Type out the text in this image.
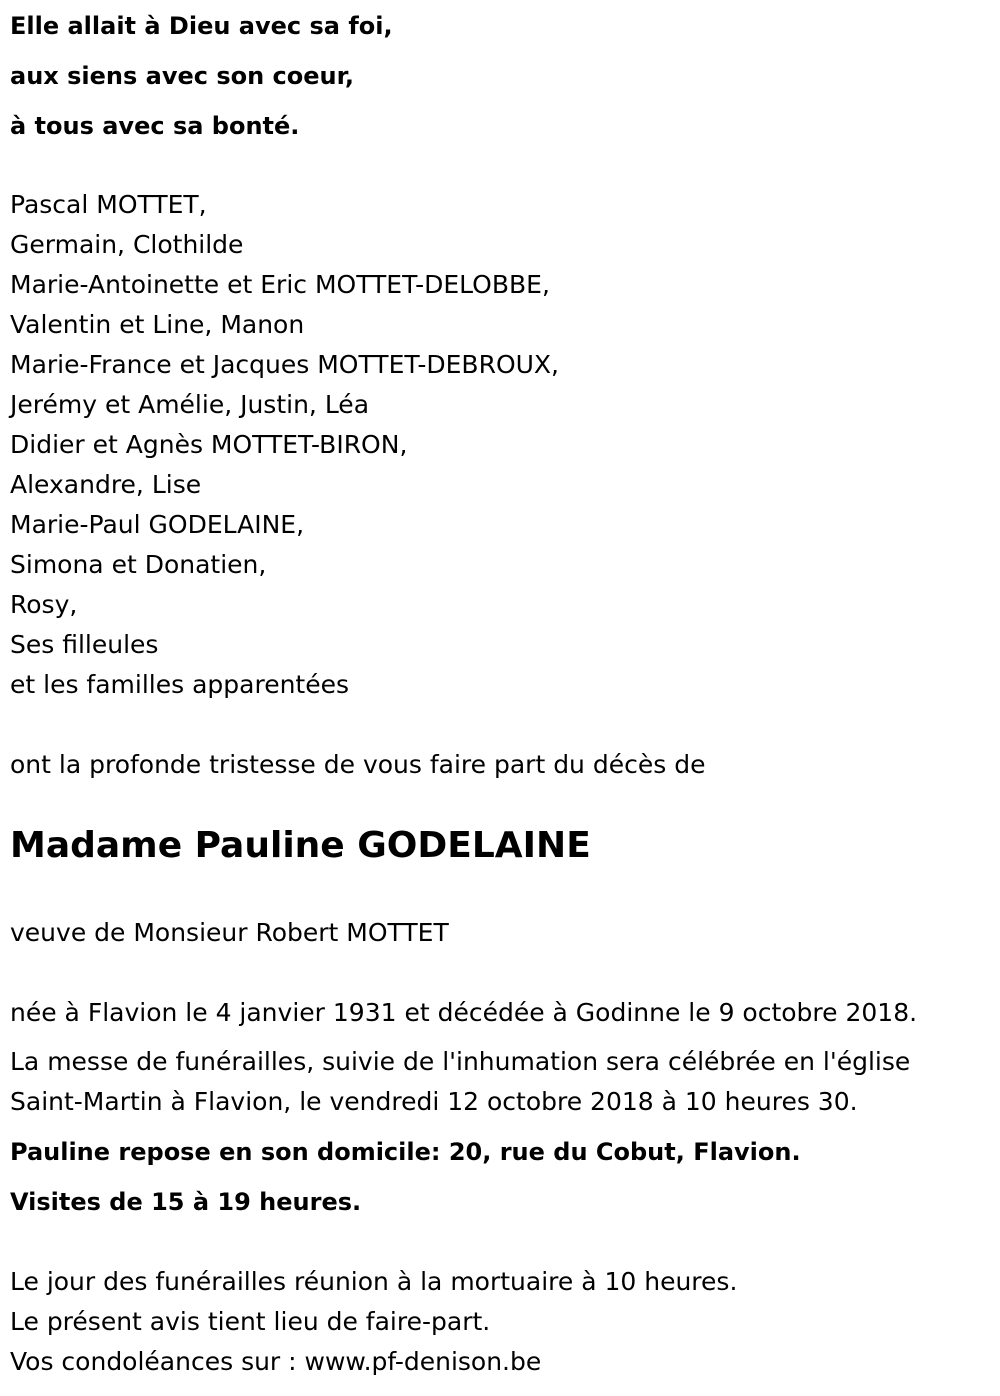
Elle allait à Dieu avec sa foi,
aux siens avec son coeur,
à tous avec sa bonté.
Pascal MOTTET,
Germain, Clothilde
Marie-Antoinette et Eric MOTTET-DELOBBE,
Valentin et Line, Manon
Marie-France et Jacques MOTTET-DEBROUX,
Jerémy et Amélie, Justin, Léa
Didier et Agnès MOTTET-BIRON,
Alexandre, Lise
Marie-Paul GODELAINE,
Simona et Donatien,
Rosy,
Ses filleules
et les familles apparentées
ont la profonde tristesse de vous faire part du décès de
Madame Pauline GODELAINE
veuve de Monsieur Robert MOTTET
née à Flavion le 4 janvier 1931 et décédée à Godinne le 9 octobre 2018.
La messe de funérailles, suivie de l'inhumation sera célébrée en l'église
Saint-Martin à Flavion, le vendredi 12 octobre 2018 à 10 heures 30.
Pauline repose en son domicile: 20, rue du Cobut, Flavion.
Visites de 15 à 19 heures.
Le jour des funérailles réunion à la mortuaire à 10 heures.
Le présent avis tient lieu de faire-part.
Vos condoléances sur : www.pf-denison.be
